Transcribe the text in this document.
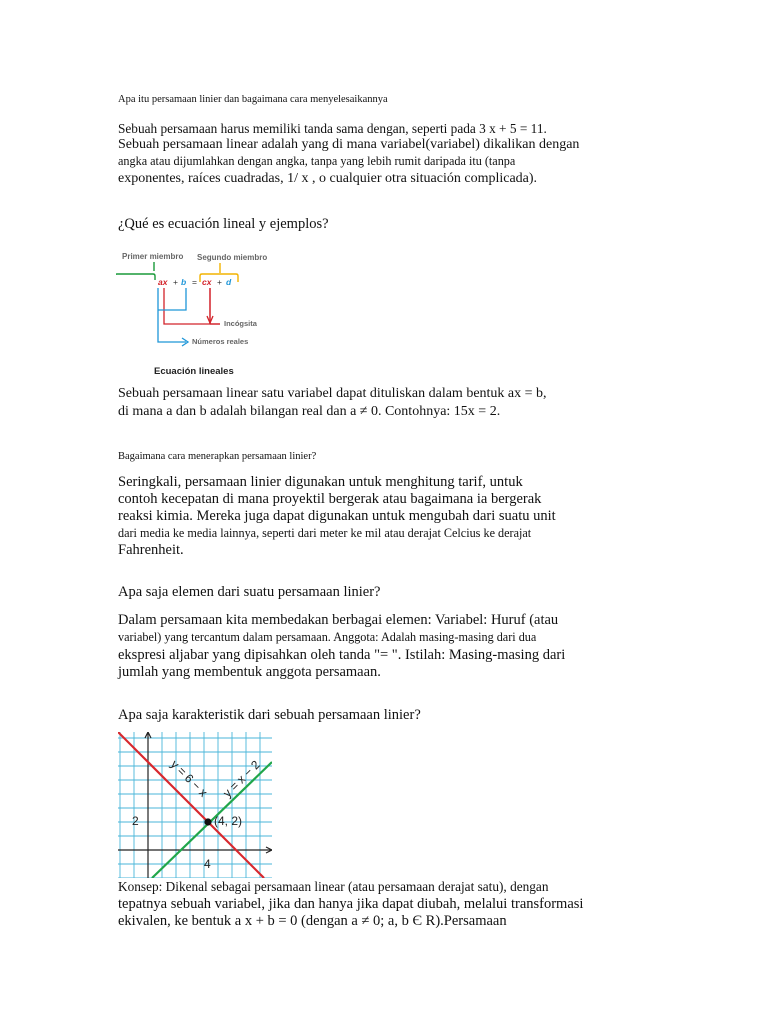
Apa itu persamaan linier dan bagaimana cara menyelesaikannya
Sebuah persamaan harus memiliki tanda sama dengan, seperti pada 3 x + 5 = 11.
Sebuah persamaan linear adalah yang di mana variabel(variabel) dikalikan dengan
angka atau dijumlahkan dengan angka, tanpa yang lebih rumit daripada itu (tanpa
exponentes, raíces cuadradas, 1/ x , o cualquier otra situación complicada).
¿Qué es ecuación lineal y ejemplos?
Primer miembro Segundo miembro
ax + b = cx + d
Incógsita
Números reales
Ecuación lineales
Sebuah persamaan linear satu variabel dapat dituliskan dalam bentuk ax = b,
di mana a dan b adalah bilangan real dan a ≠ 0. Contohnya: 15x = 2.
Bagaimana cara menerapkan persamaan linier?
Seringkali, persamaan linier digunakan untuk menghitung tarif, untuk
contoh kecepatan di mana proyektil bergerak atau bagaimana ia bergerak
reaksi kimia. Mereka juga dapat digunakan untuk mengubah dari suatu unit
dari media ke media lainnya, seperti dari meter ke mil atau derajat Celcius ke derajat
Fahrenheit.
Apa saja elemen dari suatu persamaan linier?
Dalam persamaan kita membedakan berbagai elemen: Variabel: Huruf (atau
variabel) yang tercantum dalam persamaan. Anggota: Adalah masing-masing dari dua
ekspresi aljabar yang dipisahkan oleh tanda "= ". Istilah: Masing-masing dari
jumlah yang membentuk anggota persamaan.
Apa saja karakteristik dari sebuah persamaan linier?
y = 6 − x y = x − 2
(4, 2)
2
4
Konsep: Dikenal sebagai persamaan linear (atau persamaan derajat satu), dengan
tepatnya sebuah variabel, jika dan hanya jika dapat diubah, melalui transformasi
ekivalen, ke bentuk a x + b = 0 (dengan a ≠ 0; a, b Є R).Persamaan
